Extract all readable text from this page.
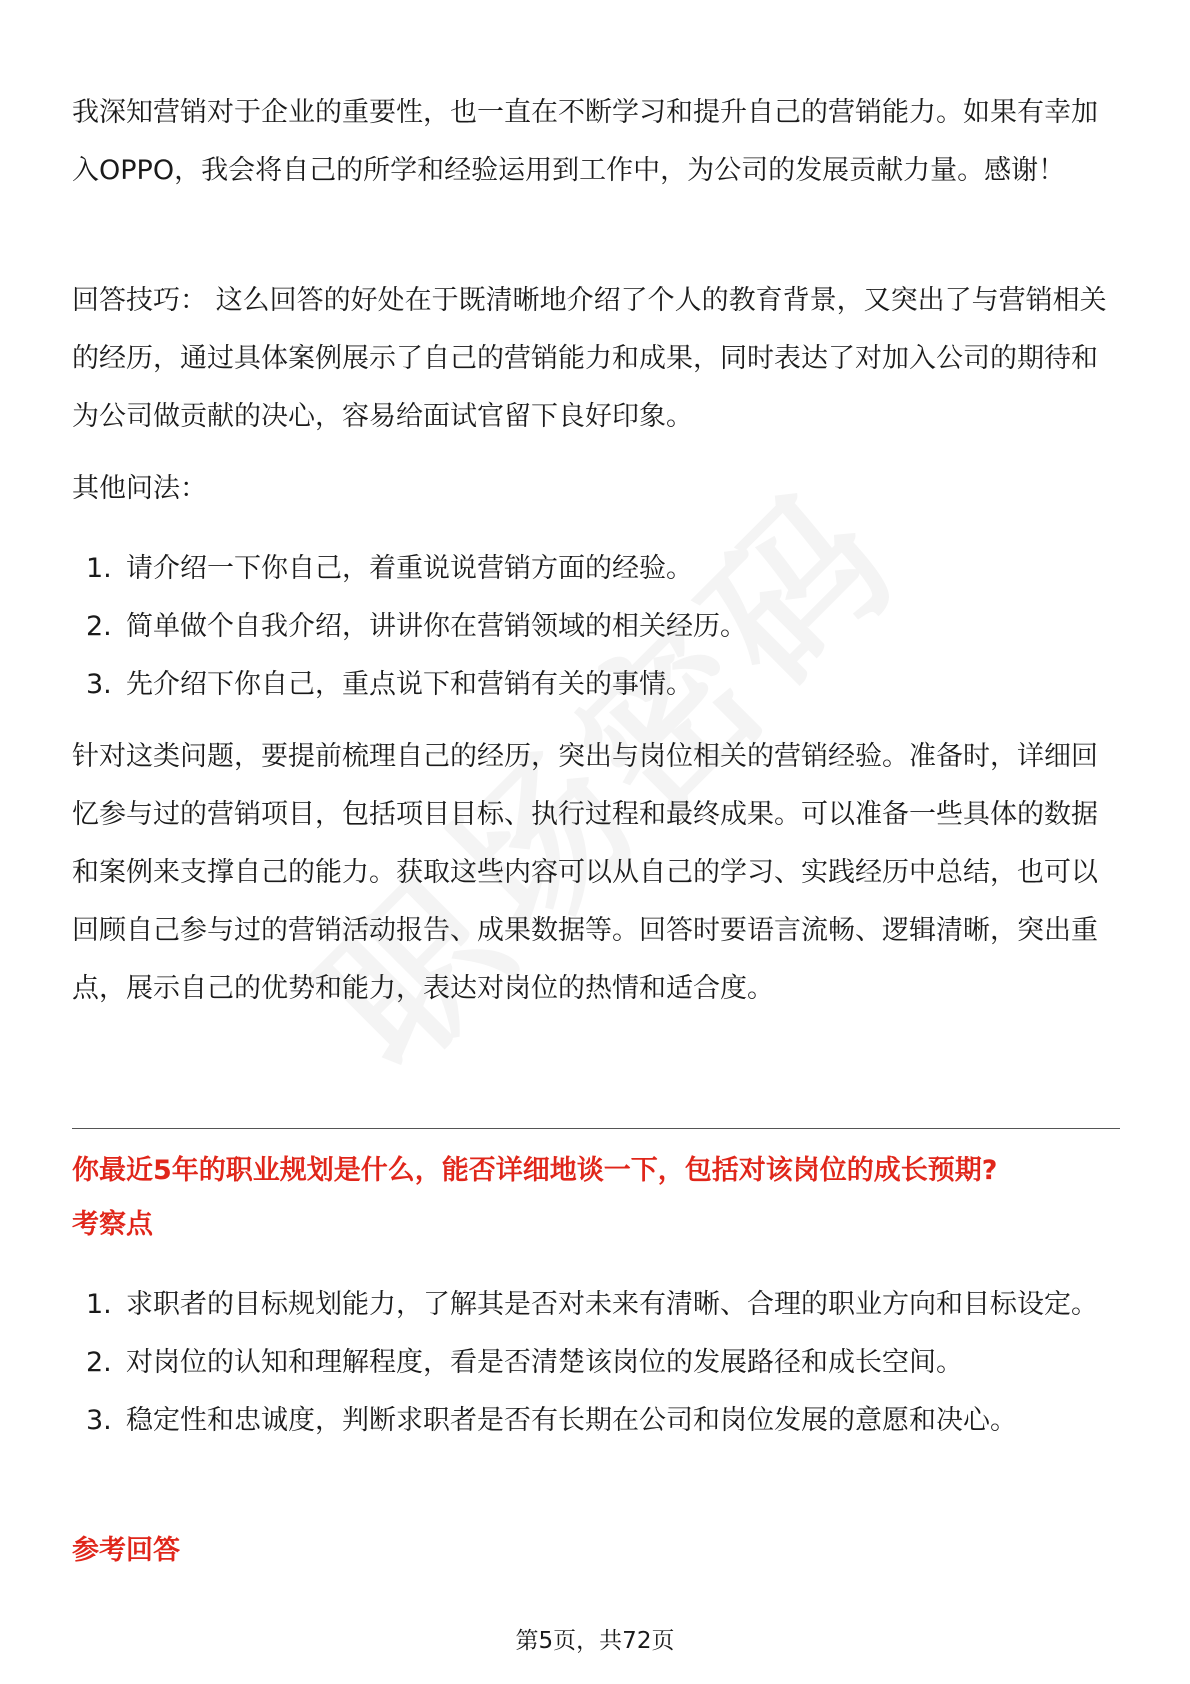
我深知营销对于企业的重要性，也一直在不断学习和提升自己的营销能力。如果有幸加入OPPO，我会将自己的所学和经验运用到工作中，为公司的发展贡献力量。感谢！

回答技巧： 这么回答的好处在于既清晰地介绍了个人的教育背景，又突出了与营销相关的经历，通过具体案例展示了自己的营销能力和成果，同时表达了对加入公司的期待和为公司做贡献的决心，容易给面试官留下良好印象。

其他问法：

1. 请介绍一下你自己，着重说说营销方面的经验。
2. 简单做个自我介绍，讲讲你在营销领域的相关经历。
3. 先介绍下你自己，重点说下和营销有关的事情。

针对这类问题，要提前梳理自己的经历，突出与岗位相关的营销经验。准备时，详细回忆参与过的营销项目，包括项目目标、执行过程和最终成果。可以准备一些具体的数据和案例来支撑自己的能力。获取这些内容可以从自己的学习、实践经历中总结，也可以回顾自己参与过的营销活动报告、成果数据等。回答时要语言流畅、逻辑清晰，突出重点，展示自己的优势和能力，表达对岗位的热情和适合度。

你最近5年的职业规划是什么，能否详细地谈一下，包括对该岗位的成长预期?

考察点

1. 求职者的目标规划能力，了解其是否对未来有清晰、合理的职业方向和目标设定。
2. 对岗位的认知和理解程度，看是否清楚该岗位的发展路径和成长空间。
3. 稳定性和忠诚度，判断求职者是否有长期在公司和岗位发展的意愿和决心。

参考回答

第5页，共72页
